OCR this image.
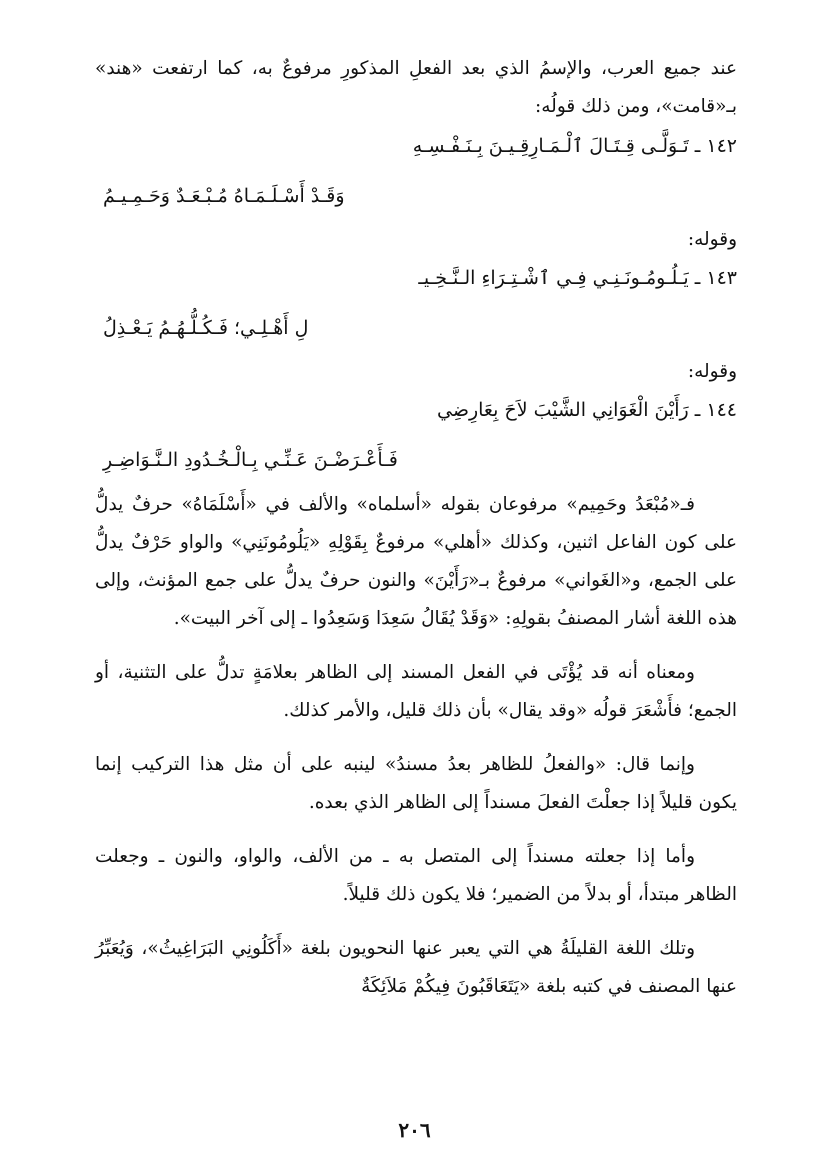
عند جميع العرب، والإسمُ الذي بعد الفعلِ المذكورِ مرفوعٌ به، كما ارتفعت «هند» بـ«قامت»، ومن ذلك قولُه:

١٤٢ ـ تَـوَلَّـى قِـتَـالَ ٱلْـمَـارِقِـيـنَ بِـنَـفْـسِـهِ

وَقَـدْ أَسْـلَـمَـاهُ مُـبْـعَـدٌ وَحَـمِـيـمُ

وقوله:

١٤٣ ـ يَـلُـومُـونَـنِـي فِـي ٱشْـتِـرَاءِ الـنَّـخِـيـ

لِ أَهْـلِـي؛ فَـكُـلُّـهُـمُ يَـعْـذِلُ

وقوله:

١٤٤ ـ رَأَيْنَ الْغَوَانِي الشَّيْبَ لاَحَ بِعَارِضِي

فَـأَعْـرَضْـنَ عَـنِّـي بِـالْـخُـدُودِ الـنَّـوَاضِـرِ

فـ«مُبْعَدُ وحَمِيم» مرفوعان بقوله «أسلماه» والألف في «أَسْلَمَاهُ» حرفٌ يدلُّ على كون الفاعل اثنين، وكذلك «أهلي» مرفوعٌ بِقَوْلِهِ «يَلُومُونَنِي» والواو حَرْفٌ يدلُّ على الجمع، و«الغَواني» مرفوعٌ بـ«رَأَيْنَ» والنون حرفٌ يدلُّ على جمع المؤنث، وإلى هذه اللغة أشار المصنفُ بقولِهِ: «وَقَدْ يُقَالُ سَعِدَا وَسَعِدُوا ـ إلى آخر البيت».

ومعناه أنه قد يُؤْتَى في الفعل المسند إلى الظاهر بعلامَةٍ تدلُّ على التثنية، أو الجمع؛ فأَشْعَرَ قولُه «وقد يقال» بأن ذلك قليل، والأمر كذلك.

وإنما قال: «والفعلُ للظاهر بعدُ مسندُ» لينبه على أن مثل هذا التركيب إنما يكون قليلاً إذا جعلْتَ الفعلَ مسنداً إلى الظاهر الذي بعده.

وأما إذا جعلته مسنداً إلى المتصل به ـ من الألف، والواو، والنون ـ وجعلت الظاهر مبتدأ، أو بدلاً من الضمير؛ فلا يكون ذلك قليلاً.

وتلك اللغة القليلَةُ هي التي يعبر عنها النحويون بلغة «أَكَلُونِي البَرَاغِيثُ»، وَيُعَبِّرُ عنها المصنف في كتبه بلغة «يَتَعَاقَبُونَ فِيكُمْ مَلاَئِكَةٌ

٢٠٦
